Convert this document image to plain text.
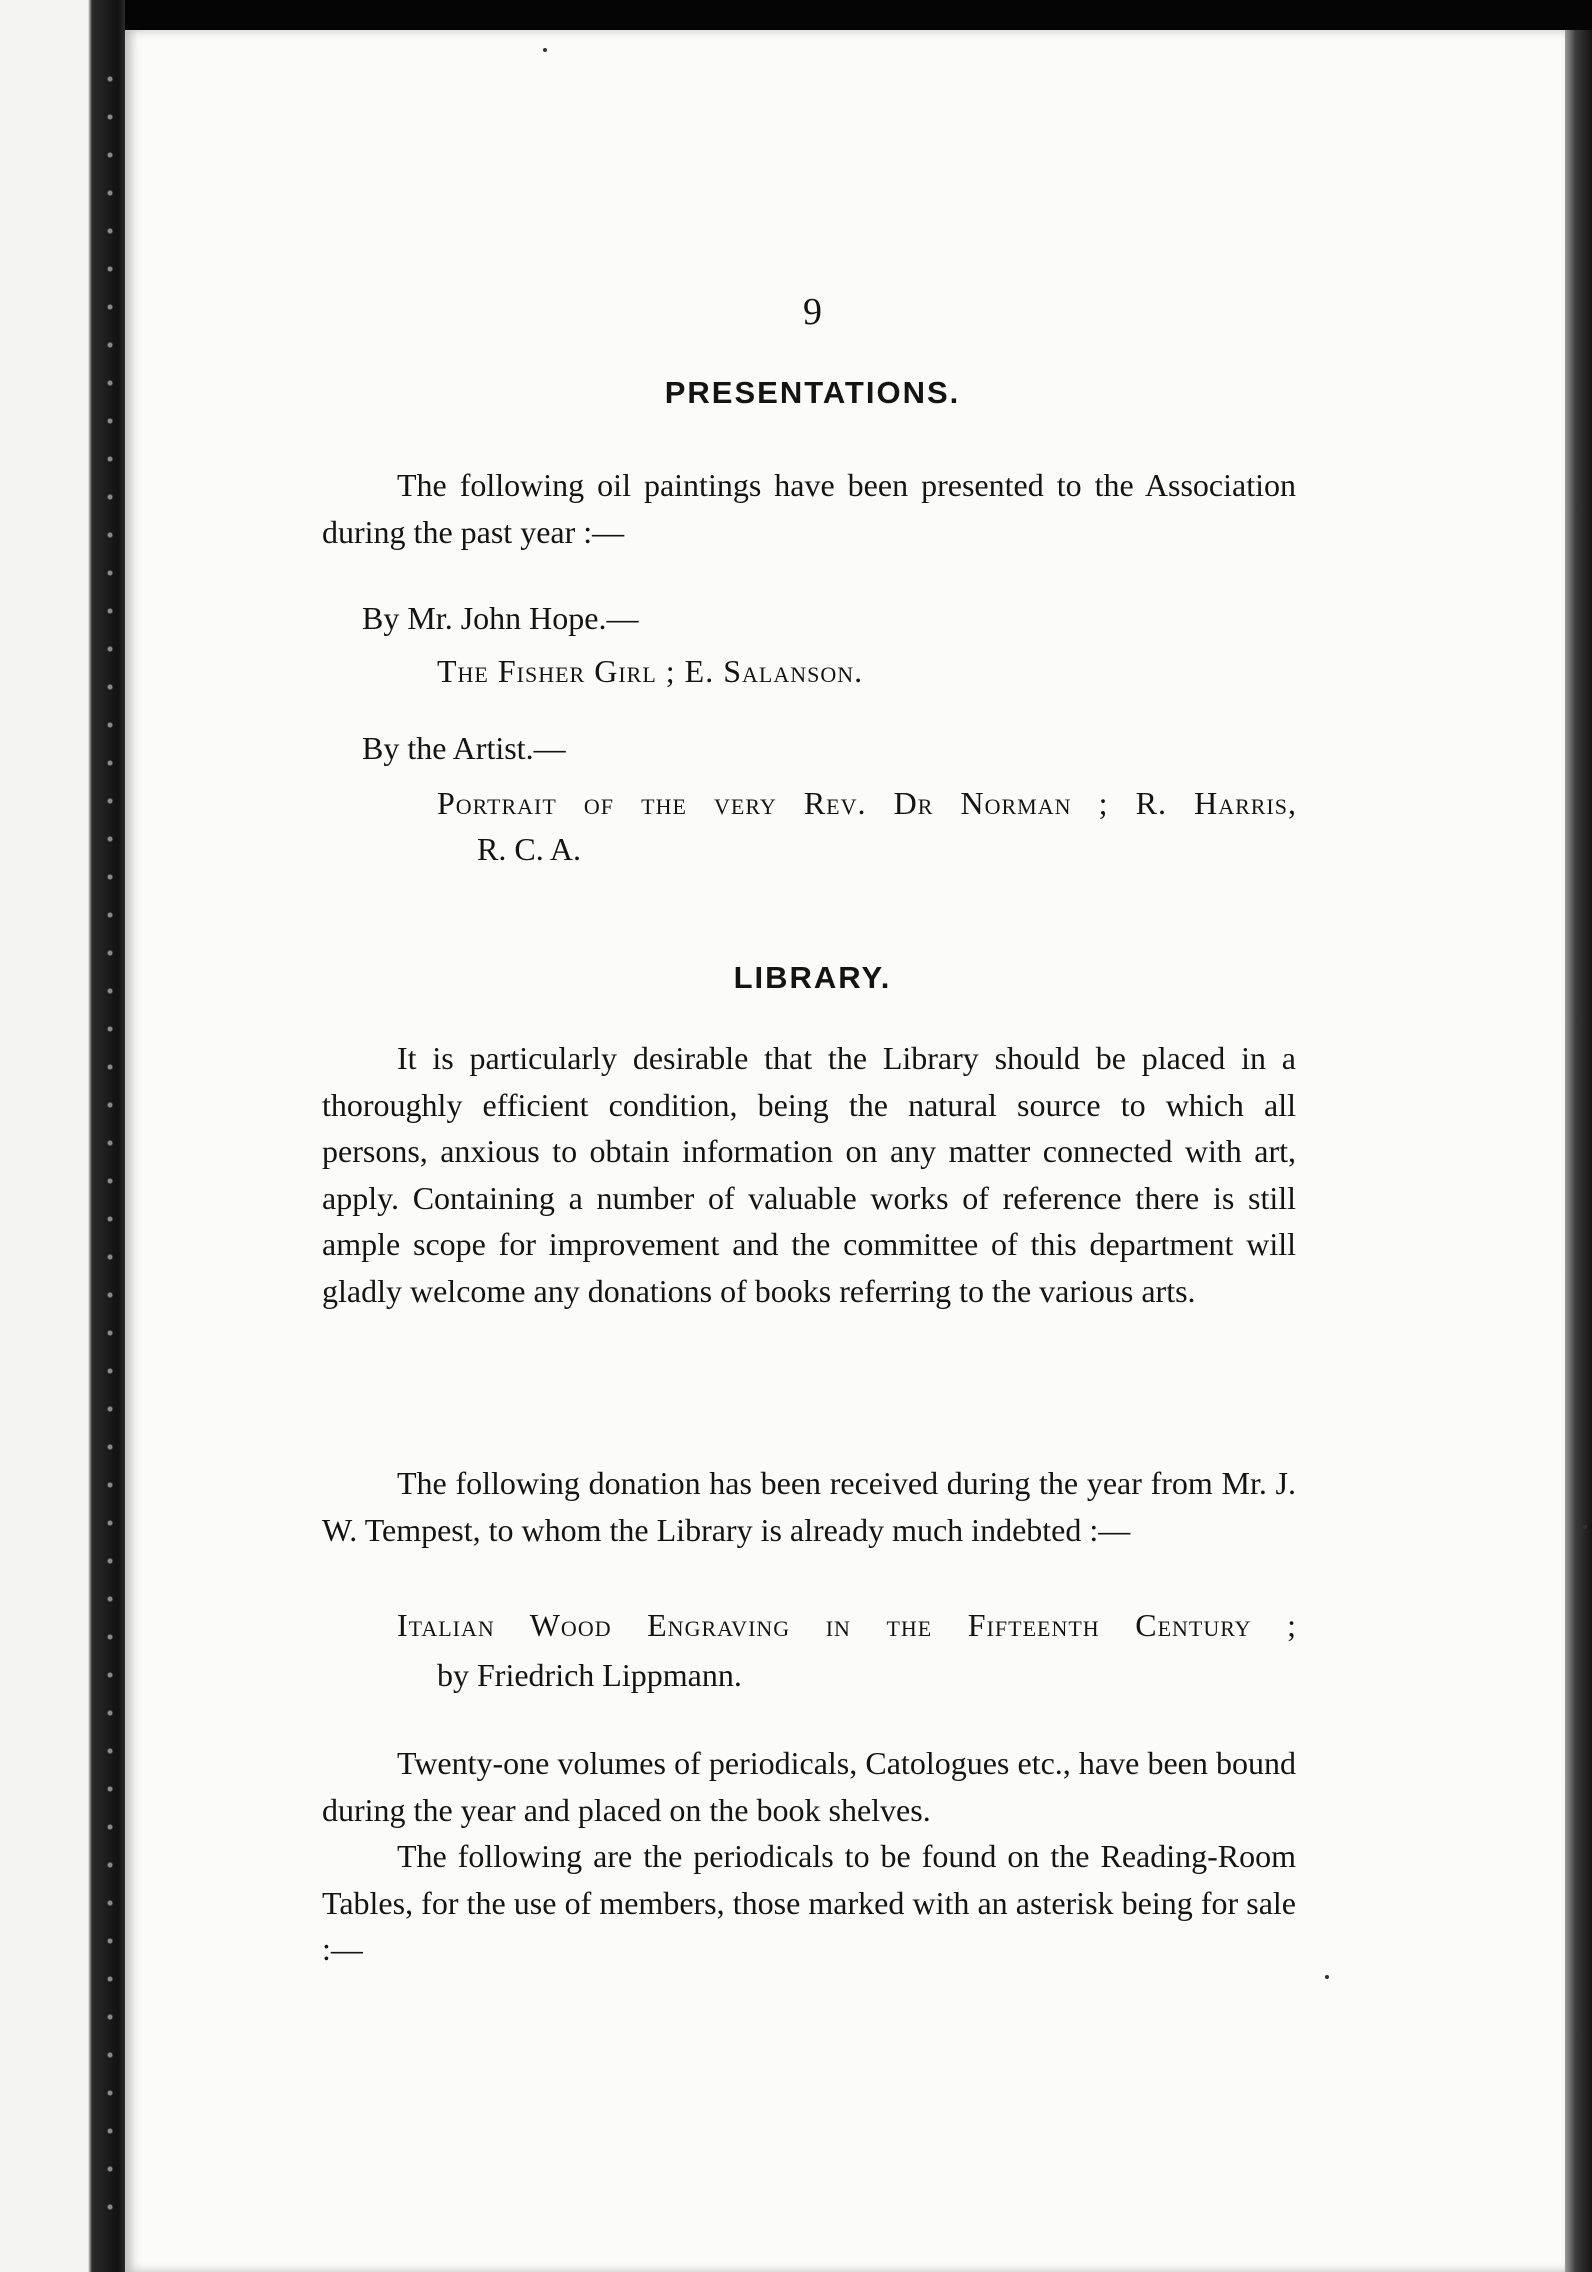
9
PRESENTATIONS.

The following oil paintings have been presented to the Association during the past year :—

By Mr. John Hope.—
The Fisher Girl ; E. Salanson.
By the Artist.—
Portrait of the very Rev. Dr Norman ; R. Harris,
R. C. A.
LIBRARY.

It is particularly desirable that the Library should be placed in a thoroughly efficient condition, being the natural source to which all persons, anxious to obtain information on any matter connected with art, apply. Containing a number of valuable works of reference there is still ample scope for improvement and the committee of this department will gladly welcome any donations of books referring to the various arts.

The following donation has been received during the year from Mr. J. W. Tempest, to whom the Library is already much indebted :—

Italian Wood Engraving in the Fifteenth Century ;
by Friedrich Lippmann.

Twenty-one volumes of periodicals, Catologues etc., have been bound during the year and placed on the book shelves.

The following are the periodicals to be found on the Reading-Room Tables, for the use of members, those marked with an asterisk being for sale :—
